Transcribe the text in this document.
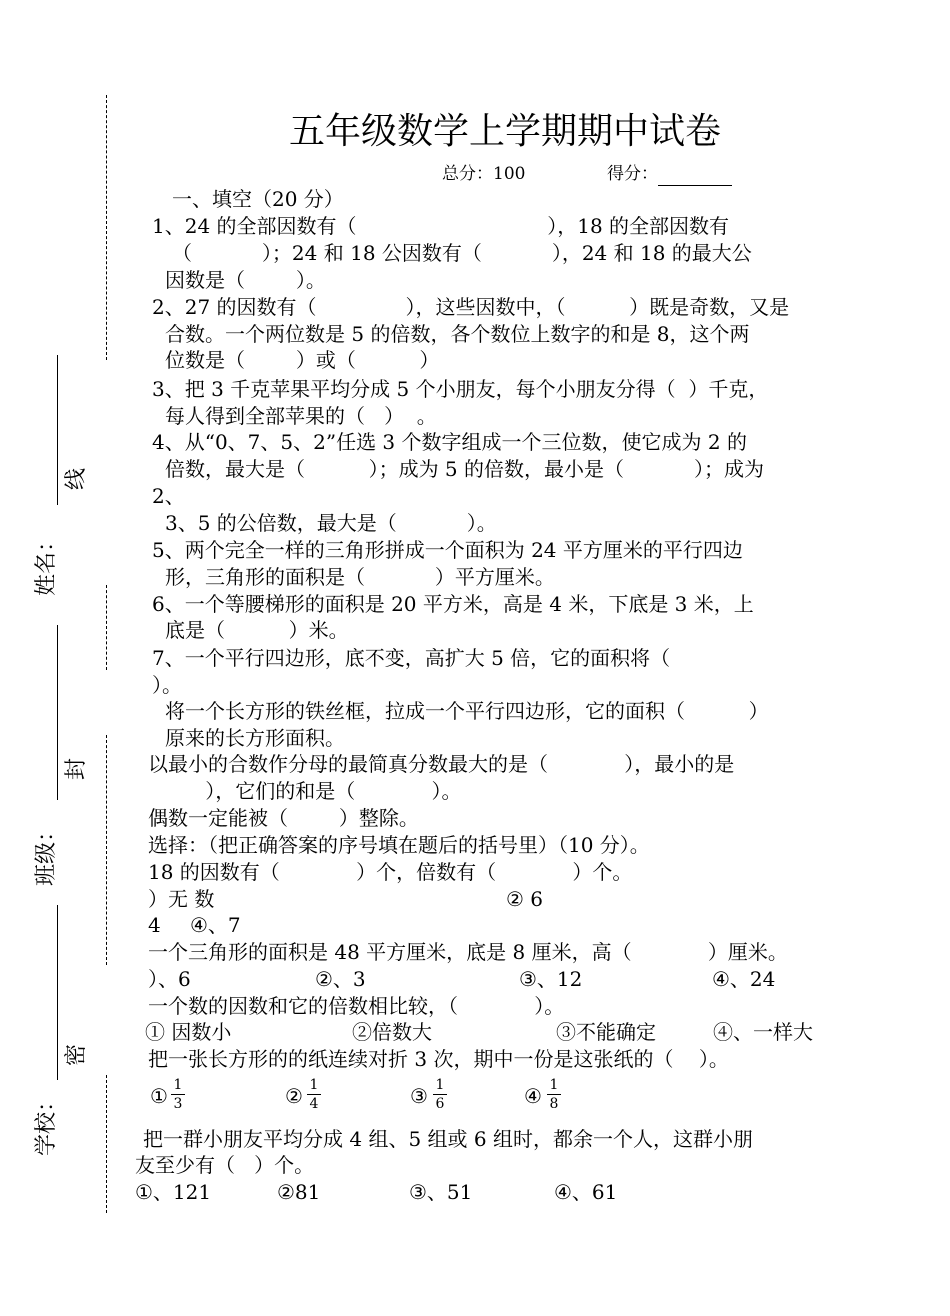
线
封
密
姓名：
班级：
学校：
五年级数学上学期期中试卷
总分：100	得分：
一、填空（20 分）
1、24 的全部因数有（                              ），18 的全部因数有
（           ）；24 和 18 公因数有（           ），24 和 18 的最大公
因数是（        ）。
2、27 的因数有（              ），这些因数中，（          ）既是奇数，又是
合数。一个两位数是 5 的倍数，各个数位上数字的和是 8，这个两
位数是（        ）或（          ）
3、把 3 千克苹果平均分成 5 个小朋友，每个小朋友分得（  ）千克，
每人得到全部苹果的（   ）  。
4、从“0、7、5、2”任选 3 个数字组成一个三位数，使它成为 2 的
倍数，最大是（          ）；成为 5 的倍数，最小是（           ）；成为
2、
3、5 的公倍数，最大是（           ）。
5、两个完全一样的三角形拼成一个面积为 24 平方厘米的平行四边
形，三角形的面积是（           ）平方厘米。
6、一个等腰梯形的面积是 20 平方米，高是 4 米，下底是 3 米，上
底是（          ）米。
7、一个平行四边形，底不变，高扩大 5 倍，它的面积将（
）。
将一个长方形的铁丝框，拉成一个平行四边形，它的面积（          ）
原来的长方形面积。
以最小的合数作分母的最简真分数最大的是（            ），最小的是
），它们的和是（            ）。
偶数一定能被（        ）整除。
选择：（把正确答案的序号填在题后的括号里）（10 分）。
18 的因数有（            ）个，倍数有（            ）个。
）无 数	② 6
4 ④、7
一个三角形的面积是 48 平方厘米，底是 8 厘米，高（            ）厘米。
）、6	②、3	③、12	④、24
一个数的因数和它的倍数相比较，（            ）。
① 因数小	②倍数大	③不能确定	④、一样大
把一张长方形的的纸连续对折 3 次，期中一份是这张纸的（    ）。
① 1
3	② 1
4	③ 1
6	④ 1
8
把一群小朋友平均分成 4 组、5 组或 6 组时，都余一个人，这群小朋
友至少有（   ）个。
①、121	②81	③、51	④、61
